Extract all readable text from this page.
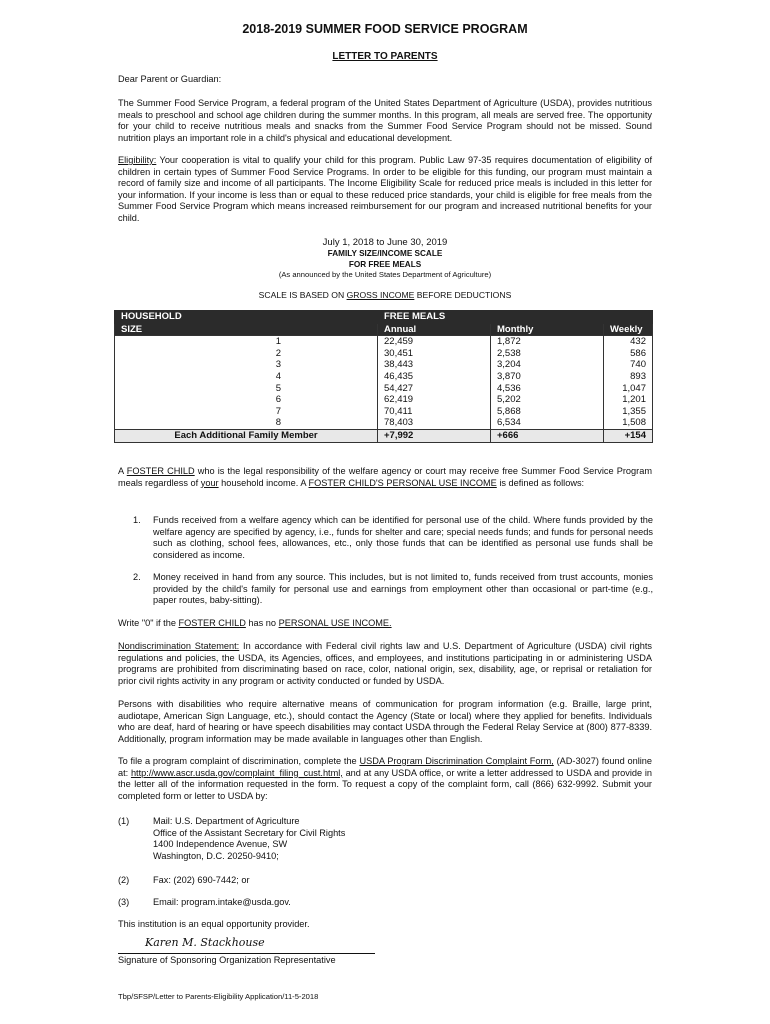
2018-2019 SUMMER FOOD SERVICE PROGRAM
LETTER TO PARENTS

Dear Parent or Guardian:

The Summer Food Service Program, a federal program of the United States Department of Agriculture (USDA), provides nutritious meals to preschool and school age children during the summer months. In this program, all meals are served free. The opportunity for your child to receive nutritious meals and snacks from the Summer Food Service Program should not be missed. Sound nutrition plays an important role in a child's physical and educational development.

Eligibility: Your cooperation is vital to qualify your child for this program. Public Law 97-35 requires documentation of eligibility of children in certain types of Summer Food Service Programs. In order to be eligible for this funding, our program must maintain a record of family size and income of all participants. The Income Eligibility Scale for reduced price meals is included in this letter for your information. If your income is less than or equal to these reduced price standards, your child is eligible for free meals from the Summer Food Service Program which means increased reimbursement for our program and increased nutritional benefits for your child.

July 1, 2018 to June 30, 2019

FAMILY SIZE/INCOME SCALE

FOR FREE MEALS

(As announced by the United States Department of Agriculture)

SCALE IS BASED ON GROSS INCOME BEFORE DEDUCTIONS

HOUSEHOLD	FREE MEALS		
SIZE	Annual	Monthly	Weekly
1	22,459	1,872	432
2	30,451	2,538	586
3	38,443	3,204	740
4	46,435	3,870	893
5	54,427	4,536	1,047
6	62,419	5,202	1,201
7	70,411	5,868	1,355
8	78,403	6,534	1,508
Each Additional Family Member	+7,992	+666	+154

A FOSTER CHILD who is the legal responsibility of the welfare agency or court may receive free Summer Food Service Program meals regardless of your household income. A FOSTER CHILD'S PERSONAL USE INCOME is defined as follows:

1. Funds received from a welfare agency which can be identified for personal use of the child. Where funds provided by the welfare agency are specified by agency, i.e., funds for shelter and care; special needs funds; and funds for personal needs such as clothing, school fees, allowances, etc., only those funds that can be identified as personal use funds shall be considered as income.
2. Money received in hand from any source. This includes, but is not limited to, funds received from trust accounts, monies provided by the child's family for personal use and earnings from employment other than occasional or part-time (e.g., paper routes, baby-sitting).

Write "0" if the FOSTER CHILD has no PERSONAL USE INCOME.

Nondiscrimination Statement: In accordance with Federal civil rights law and U.S. Department of Agriculture (USDA) civil rights regulations and policies, the USDA, its Agencies, offices, and employees, and institutions participating in or administering USDA programs are prohibited from discriminating based on race, color, national origin, sex, disability, age, or reprisal or retaliation for prior civil rights activity in any program or activity conducted or funded by USDA.

Persons with disabilities who require alternative means of communication for program information (e.g. Braille, large print, audiotape, American Sign Language, etc.), should contact the Agency (State or local) where they applied for benefits. Individuals who are deaf, hard of hearing or have speech disabilities may contact USDA through the Federal Relay Service at (800) 877-8339. Additionally, program information may be made available in languages other than English.

To file a program complaint of discrimination, complete the USDA Program Discrimination Complaint Form, (AD-3027) found online at: http://www.ascr.usda.gov/complaint_filing_cust.html, and at any USDA office, or write a letter addressed to USDA and provide in the letter all of the information requested in the form. To request a copy of the complaint form, call (866) 632-9992. Submit your completed form or letter to USDA by:

(1)	Mail: U.S. Department of Agriculture
Office of the Assistant Secretary for Civil Rights
1400 Independence Avenue, SW
Washington, D.C. 20250-9410;
(2)	Fax: (202) 690-7442; or
(3)	Email: program.intake@usda.gov.

This institution is an equal opportunity provider.

Karen M. Stackhouse
Signature of Sponsoring Organization Representative
Tbp/SFSP/Letter to Parents-Eligibility Application/11-5-2018
